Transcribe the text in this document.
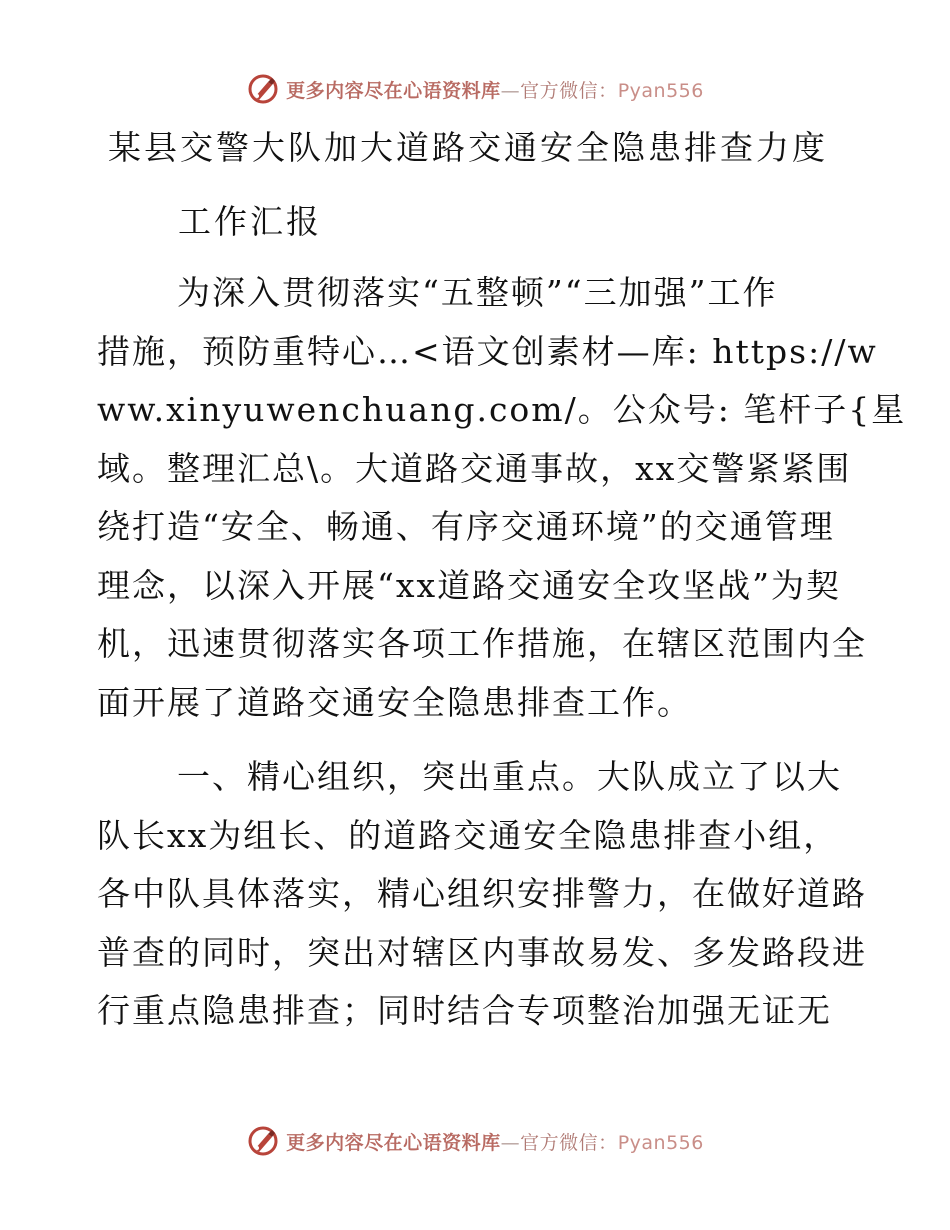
更多内容尽在心语资料库—官方微信：Pyan556
某县交警大队加大道路交通安全隐患排查力度
工作汇报
为深入贯彻落实“五整顿”“三加强”工作
措施，预防重特心…<语文创素材—库: https://w
ww.xinyuwenchuang.com/。公众号: 笔杆子{星
域。整理汇总\。大道路交通事故，xx交警紧紧围
绕打造“安全、畅通、有序交通环境”的交通管理
理念，以深入开展“xx道路交通安全攻坚战”为契
机，迅速贯彻落实各项工作措施，在辖区范围内全
面开展了道路交通安全隐患排查工作。
一、精心组织，突出重点。大队成立了以大
队长xx为组长、的道路交通安全隐患排查小组，
各中队具体落实，精心组织安排警力，在做好道路
普查的同时，突出对辖区内事故易发、多发路段进
行重点隐患排查；同时结合专项整治加强无证无
更多内容尽在心语资料库—官方微信：Pyan556
